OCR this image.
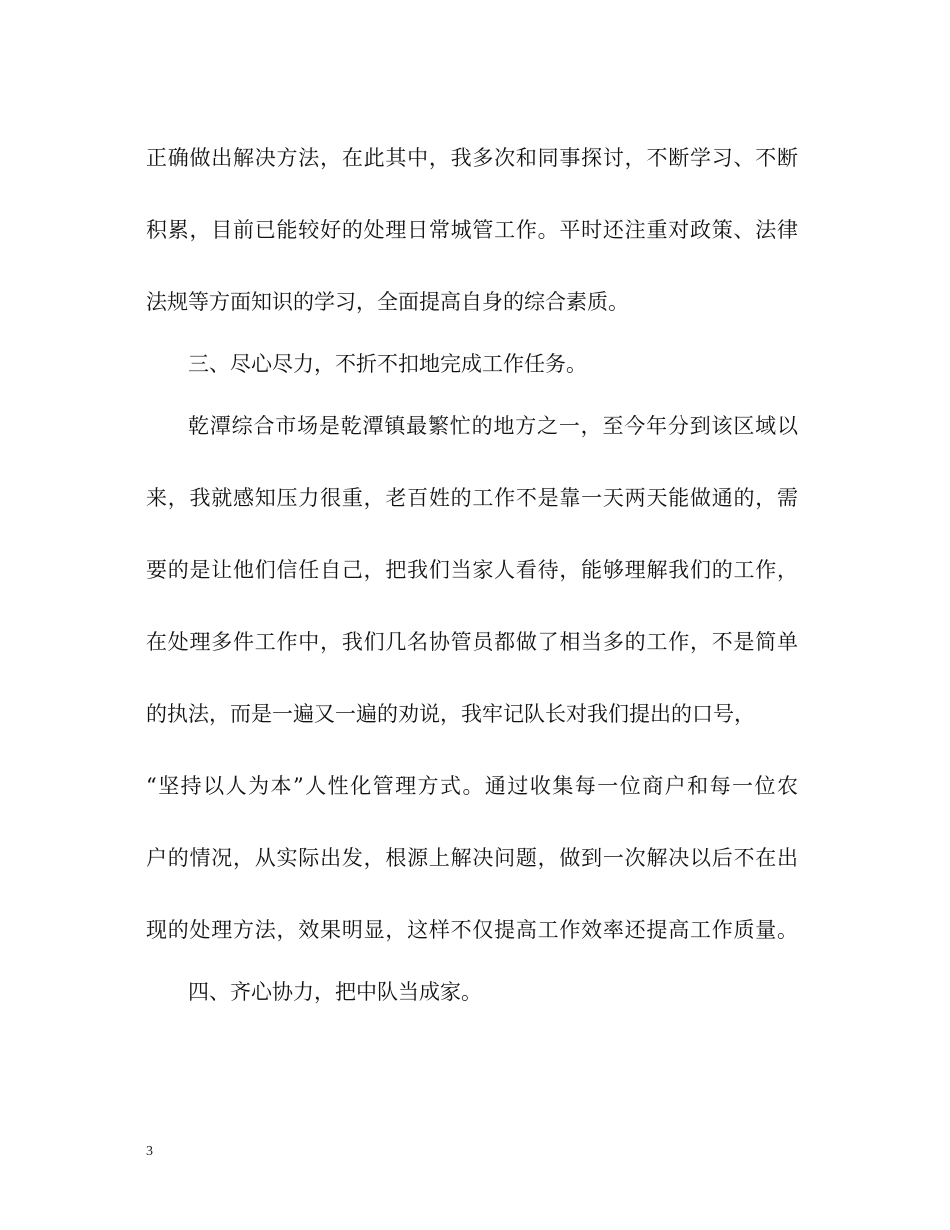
正确做出解决方法，在此其中，我多次和同事探讨，不断学习、不断
积累，目前已能较好的处理日常城管工作。平时还注重对政策、法律
法规等方面知识的学习，全面提高自身的综合素质。
三、尽心尽力，不折不扣地完成工作任务。
乾潭综合市场是乾潭镇最繁忙的地方之一，至今年分到该区域以
来，我就感知压力很重，老百姓的工作不是靠一天两天能做通的，需
要的是让他们信任自己，把我们当家人看待，能够理解我们的工作，
在处理多件工作中，我们几名协管员都做了相当多的工作，不是简单
的执法，而是一遍又一遍的劝说，我牢记队长对我们提出的口号，
“坚持以人为本”人性化管理方式。通过收集每一位商户和每一位农
户的情况，从实际出发，根源上解决问题，做到一次解决以后不在出
现的处理方法，效果明显，这样不仅提高工作效率还提高工作质量。
四、齐心协力，把中队当成家。
3
